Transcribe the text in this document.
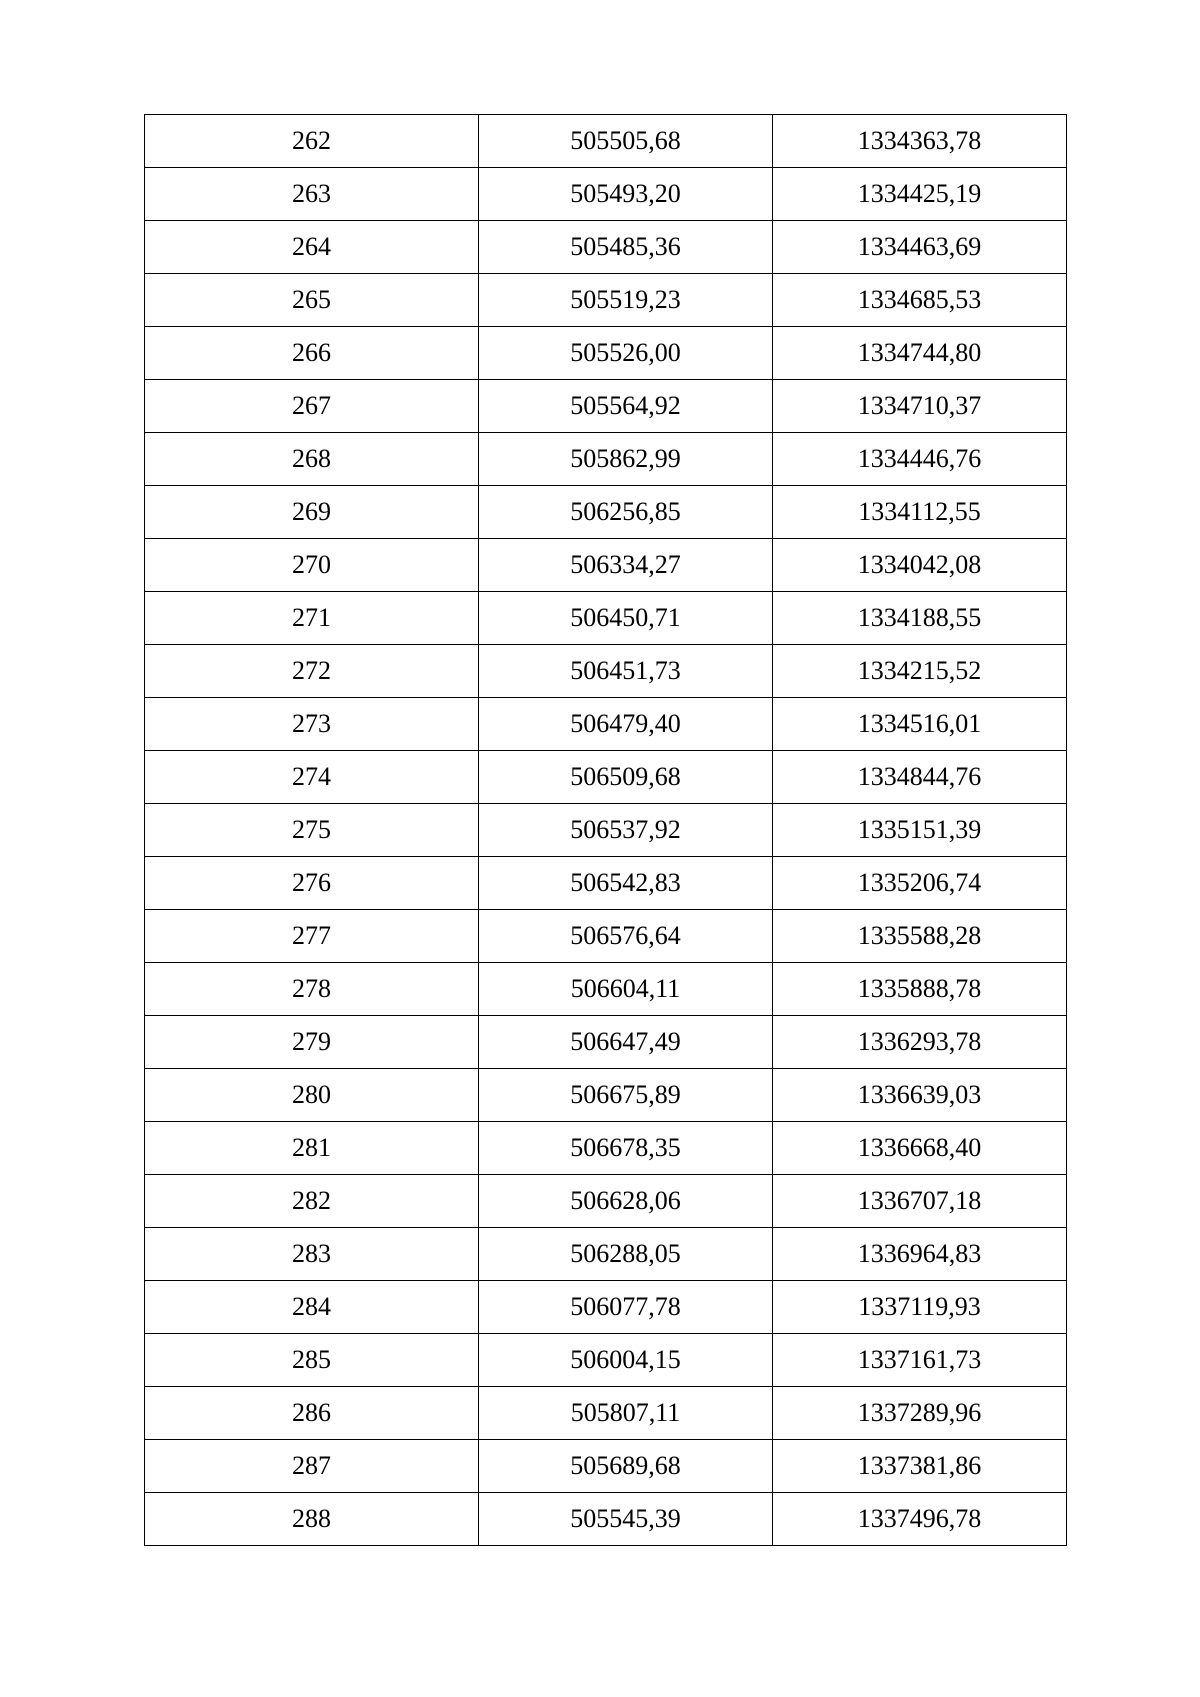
262	505505,68	1334363,78
263	505493,20	1334425,19
264	505485,36	1334463,69
265	505519,23	1334685,53
266	505526,00	1334744,80
267	505564,92	1334710,37
268	505862,99	1334446,76
269	506256,85	1334112,55
270	506334,27	1334042,08
271	506450,71	1334188,55
272	506451,73	1334215,52
273	506479,40	1334516,01
274	506509,68	1334844,76
275	506537,92	1335151,39
276	506542,83	1335206,74
277	506576,64	1335588,28
278	506604,11	1335888,78
279	506647,49	1336293,78
280	506675,89	1336639,03
281	506678,35	1336668,40
282	506628,06	1336707,18
283	506288,05	1336964,83
284	506077,78	1337119,93
285	506004,15	1337161,73
286	505807,11	1337289,96
287	505689,68	1337381,86
288	505545,39	1337496,78
